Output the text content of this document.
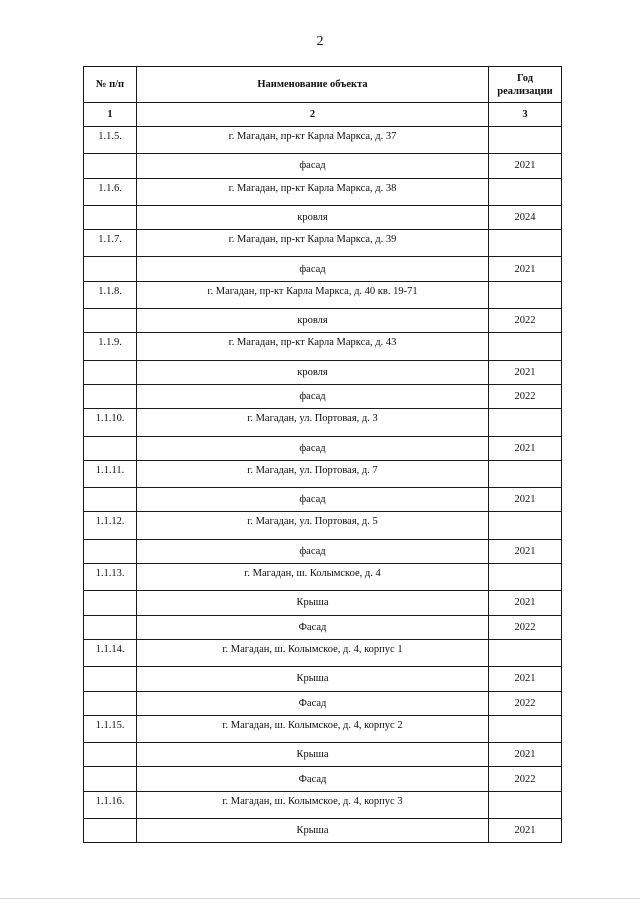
2
№ п/п	Наименование объекта	Год реализации
1	2	3
1.1.5.	г. Магадан, пр-кт Карла Маркса, д. 37	
	фасад	2021
1.1.6.	г. Магадан, пр-кт Карла Маркса, д. 38	
	кровля	2024
1.1.7.	г. Магадан, пр-кт Карла Маркса, д. 39	
	фасад	2021
1.1.8.	г. Магадан, пр-кт Карла Маркса, д. 40 кв. 19-71	
	кровля	2022
1.1.9.	г. Магадан, пр-кт Карла Маркса, д. 43	
	кровля	2021
	фасад	2022
1.1.10.	г. Магадан, ул. Портовая, д. 3	
	фасад	2021
1.1.11.	г. Магадан, ул. Портовая, д. 7	
	фасад	2021
1.1.12.	г. Магадан, ул. Портовая, д. 5	
	фасад	2021
1.1.13.	г. Магадан, ш. Колымское, д. 4	
	Крыша	2021
	Фасад	2022
1.1.14.	г. Магадан, ш. Колымское, д. 4, корпус 1	
	Крыша	2021
	Фасад	2022
1.1.15.	г. Магадан, ш. Колымское, д. 4, корпус 2	
	Крыша	2021
	Фасад	2022
1.1.16.	г. Магадан, ш. Колымское, д. 4, корпус 3	
	Крыша	2021
